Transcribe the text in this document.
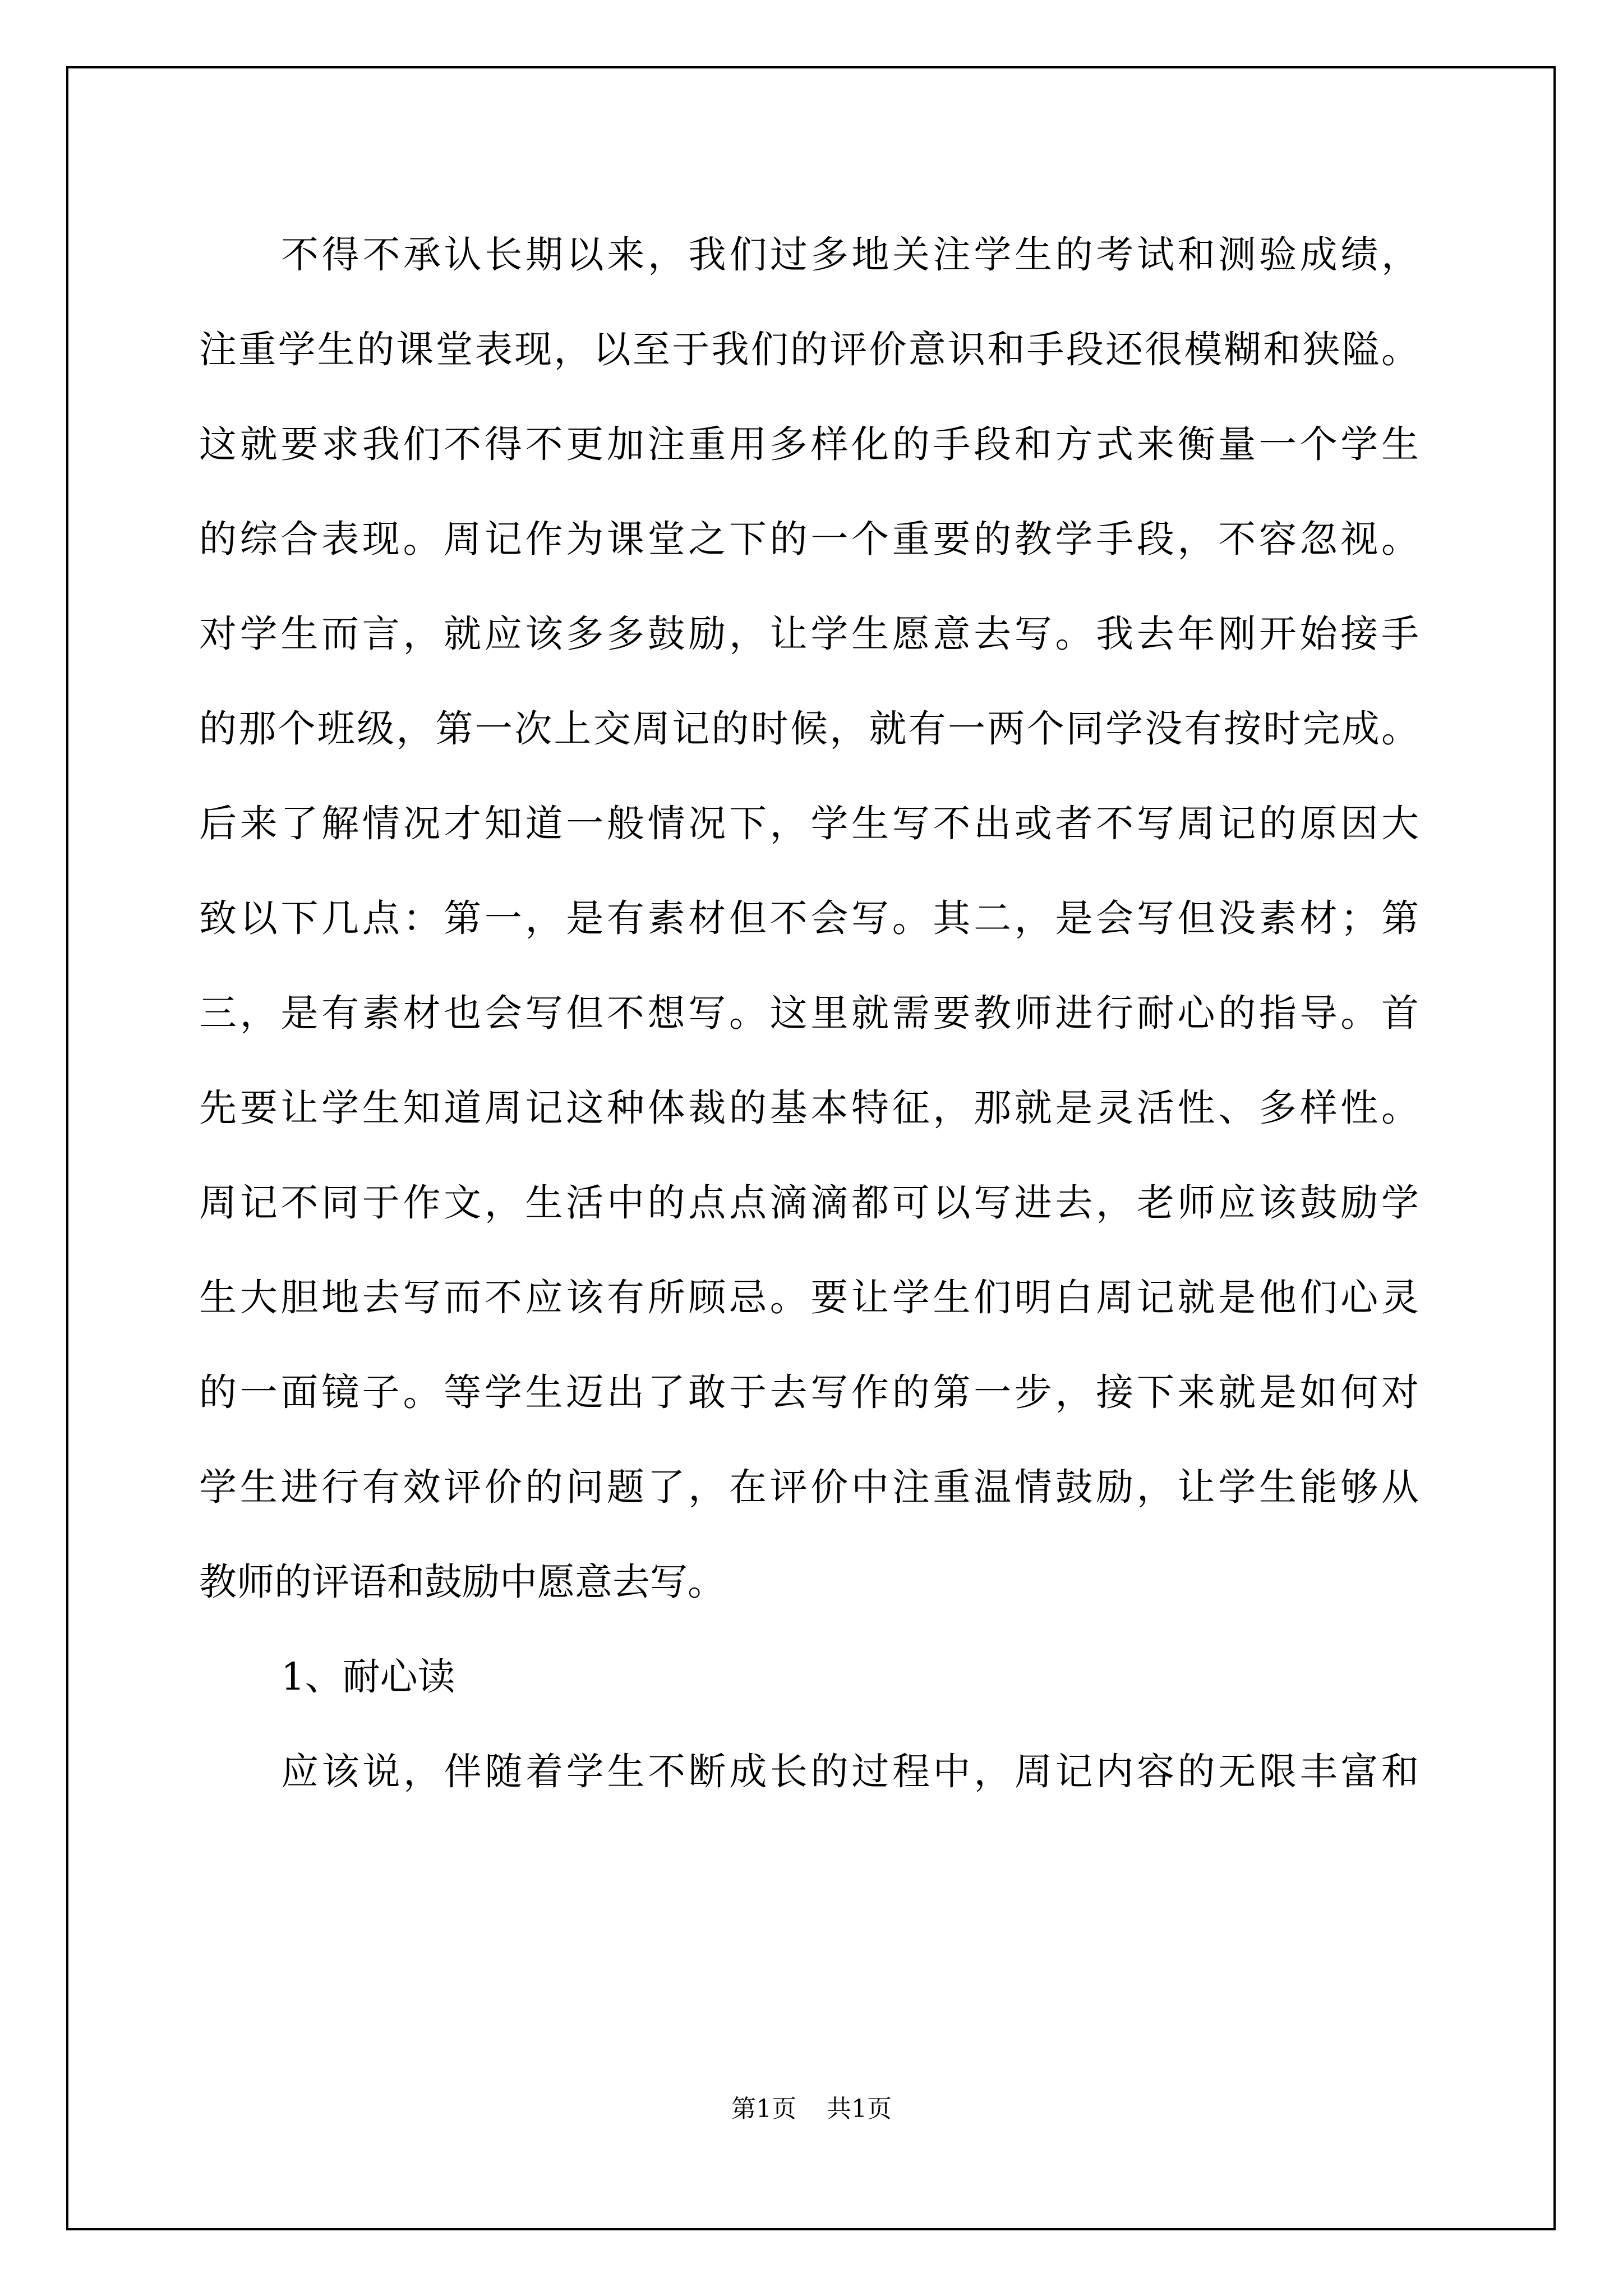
不得不承认长期以来，我们过多地关注学生的考试和测验成绩，
注重学生的课堂表现，以至于我们的评价意识和手段还很模糊和狭隘。
这就要求我们不得不更加注重用多样化的手段和方式来衡量一个学生
的综合表现。周记作为课堂之下的一个重要的教学手段，不容忽视。
对学生而言，就应该多多鼓励，让学生愿意去写。我去年刚开始接手
的那个班级，第一次上交周记的时候，就有一两个同学没有按时完成。
后来了解情况才知道一般情况下，学生写不出或者不写周记的原因大
致以下几点：第一，是有素材但不会写。其二，是会写但没素材；第
三，是有素材也会写但不想写。这里就需要教师进行耐心的指导。首
先要让学生知道周记这种体裁的基本特征，那就是灵活性、多样性。
周记不同于作文，生活中的点点滴滴都可以写进去，老师应该鼓励学
生大胆地去写而不应该有所顾忌。要让学生们明白周记就是他们心灵
的一面镜子。等学生迈出了敢于去写作的第一步，接下来就是如何对
学生进行有效评价的问题了，在评价中注重温情鼓励，让学生能够从
教师的评语和鼓励中愿意去写。
1、耐心读
应该说，伴随着学生不断成长的过程中，周记内容的无限丰富和
第1页 共1页
